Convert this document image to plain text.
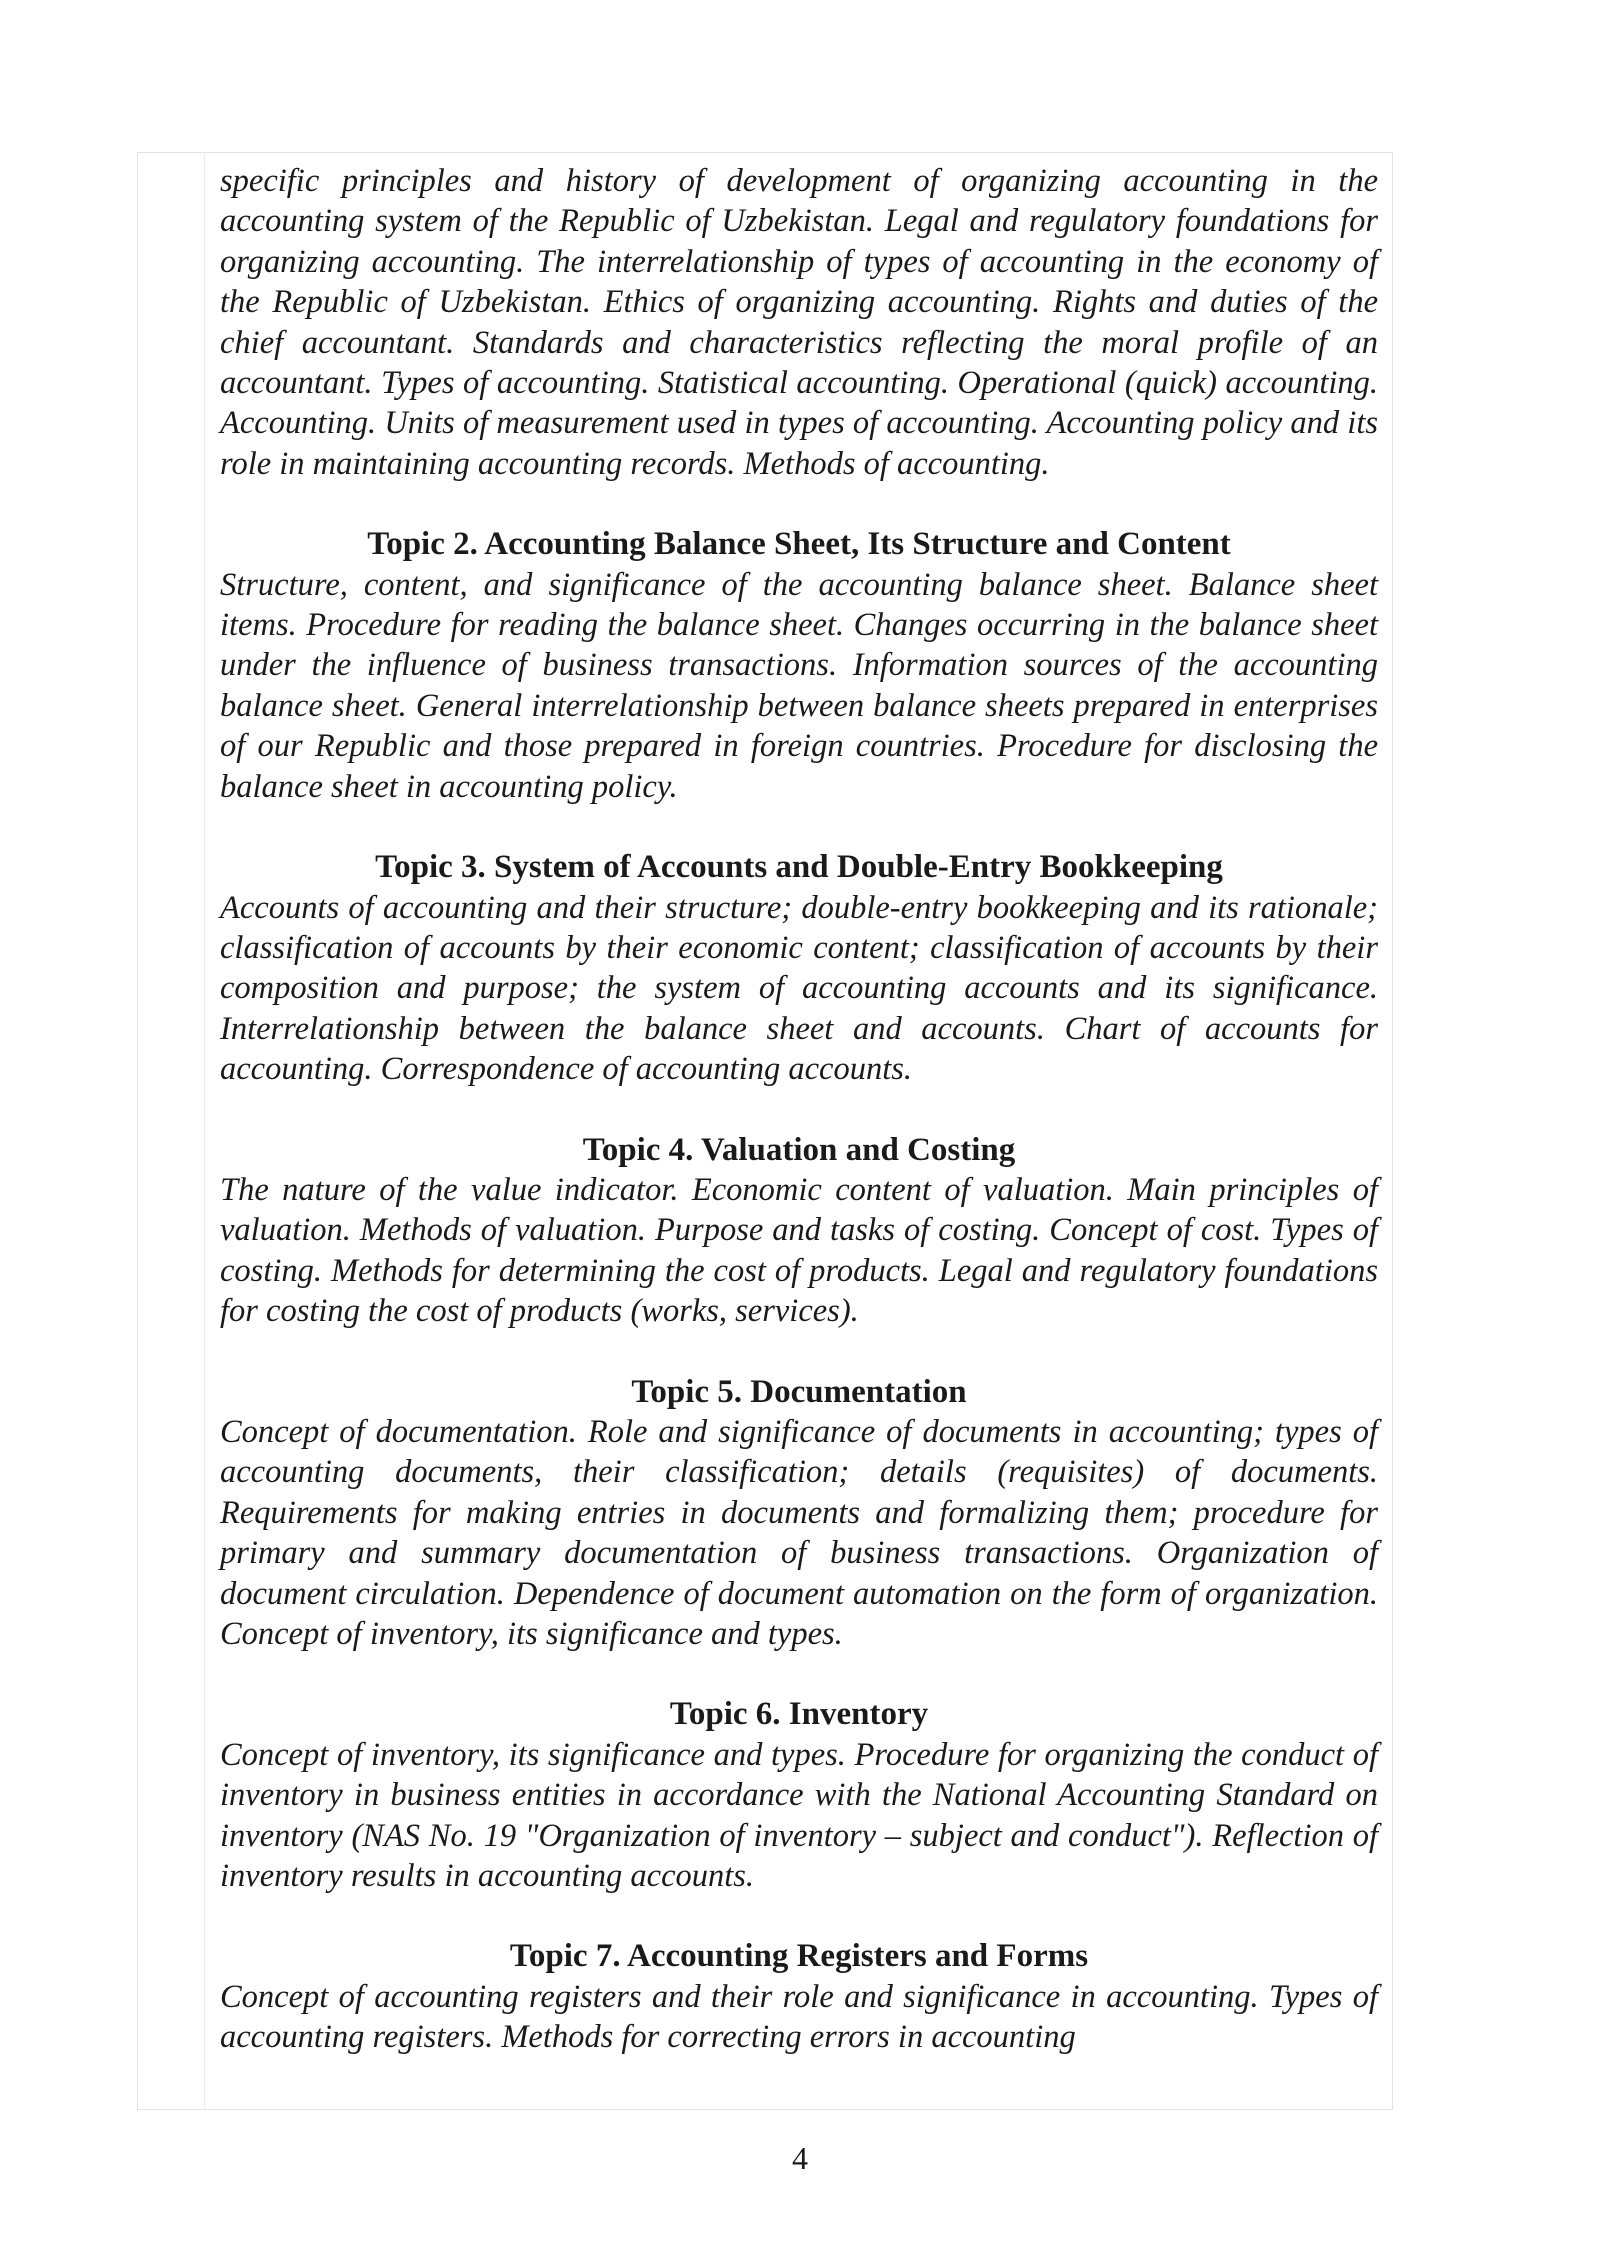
specific principles and history of development of organizing accounting in the accounting system of the Republic of Uzbekistan. Legal and regulatory foundations for organizing accounting. The interrelationship of types of accounting in the economy of the Republic of Uzbekistan. Ethics of organizing accounting. Rights and duties of the chief accountant. Standards and characteristics reflecting the moral profile of an accountant. Types of accounting. Statistical accounting. Operational (quick) accounting. Accounting. Units of measurement used in types of accounting. Accounting policy and its role in maintaining accounting records. Methods of accounting.

Topic 2. Accounting Balance Sheet, Its Structure and Content

Structure, content, and significance of the accounting balance sheet. Balance sheet items. Procedure for reading the balance sheet. Changes occurring in the balance sheet under the influence of business transactions. Information sources of the accounting balance sheet. General interrelationship between balance sheets prepared in enterprises of our Republic and those prepared in foreign countries. Procedure for disclosing the balance sheet in accounting policy.

Topic 3. System of Accounts and Double-Entry Bookkeeping

Accounts of accounting and their structure; double-entry bookkeeping and its rationale; classification of accounts by their economic content; classification of accounts by their composition and purpose; the system of accounting accounts and its significance. Interrelationship between the balance sheet and accounts. Chart of accounts for accounting. Correspondence of accounting accounts.

Topic 4. Valuation and Costing

The nature of the value indicator. Economic content of valuation. Main principles of valuation. Methods of valuation. Purpose and tasks of costing. Concept of cost. Types of costing. Methods for determining the cost of products. Legal and regulatory foundations for costing the cost of products (works, services).

Topic 5. Documentation

Concept of documentation. Role and significance of documents in accounting; types of accounting documents, their classification; details (requisites) of documents. Requirements for making entries in documents and formalizing them; procedure for primary and summary documentation of business transactions. Organization of document circulation. Dependence of document automation on the form of organization. Concept of inventory, its significance and types.

Topic 6. Inventory

Concept of inventory, its significance and types. Procedure for organizing the conduct of inventory in business entities in accordance with the National Accounting Standard on inventory (NAS No. 19 "Organization of inventory – subject and conduct"). Reflection of inventory results in accounting accounts.

Topic 7. Accounting Registers and Forms

Concept of accounting registers and their role and significance in accounting. Types of accounting registers. Methods for correcting errors in accounting

4
